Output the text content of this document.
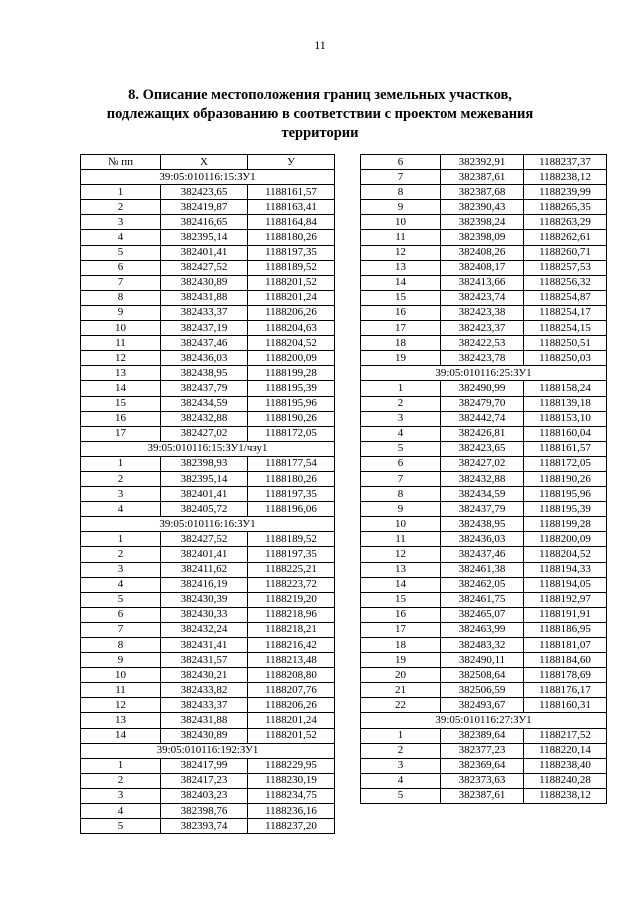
11
8. Описание местоположения границ земельных участков,
подлежащих образованию в соответствии с проектом межевания
территории
№ пп	X	У
39:05:010116:15:ЗУ1		
1	382423,65	1188161,57
2	382419,87	1188163,41
3	382416,65	1188164,84
4	382395,14	1188180,26
5	382401,41	1188197,35
6	382427,52	1188189,52
7	382430,89	1188201,52
8	382431,88	1188201,24
9	382433,37	1188206,26
10	382437,19	1188204,63
11	382437,46	1188204,52
12	382436,03	1188200,09
13	382438,95	1188199,28
14	382437,79	1188195,39
15	382434,59	1188195,96
16	382432,88	1188190,26
17	382427,02	1188172,05
39:05:010116:15:ЗУ1/чзу1		
1	382398,93	1188177,54
2	382395,14	1188180,26
3	382401,41	1188197,35
4	382405,72	1188196,06
39:05:010116:16:ЗУ1		
1	382427,52	1188189,52
2	382401,41	1188197,35
3	382411,62	1188225,21
4	382416,19	1188223,72
5	382430,39	1188219,20
6	382430,33	1188218,96
7	382432,24	1188218,21
8	382431,41	1188216,42
9	382431,57	1188213,48
10	382430,21	1188208,80
11	382433,82	1188207,76
12	382433,37	1188206,26
13	382431,88	1188201,24
14	382430,89	1188201,52
39:05:010116:192:ЗУ1		
1	382417,99	1188229,95
2	382417,23	1188230,19
3	382403,23	1188234,75
4	382398,76	1188236,16
5	382393,74	1188237,20
6	382392,91	1188237,37
7	382387,61	1188238,12
8	382387,68	1188239,99
9	382390,43	1188265,35
10	382398,24	1188263,29
11	382398,09	1188262,61
12	382408,26	1188260,71
13	382408,17	1188257,53
14	382413,66	1188256,32
15	382423,74	1188254,87
16	382423,38	1188254,17
17	382423,37	1188254,15
18	382422,53	1188250,51
19	382423,78	1188250,03
39:05:010116:25:ЗУ1		
1	382490,99	1188158,24
2	382479,70	1188139,18
3	382442,74	1188153,10
4	382426,81	1188160,04
5	382423,65	1188161,57
6	382427,02	1188172,05
7	382432,88	1188190,26
8	382434,59	1188195,96
9	382437,79	1188195,39
10	382438,95	1188199,28
11	382436,03	1188200,09
12	382437,46	1188204,52
13	382461,38	1188194,33
14	382462,05	1188194,05
15	382461,75	1188192,97
16	382465,07	1188191,91
17	382463,99	1188186,95
18	382483,32	1188181,07
19	382490,11	1188184,60
20	382508,64	1188178,69
21	382506,59	1188176,17
22	382493,67	1188160,31
39:05:010116:27:ЗУ1		
1	382389,64	1188217,52
2	382377,23	1188220,14
3	382369,64	1188238,40
4	382373,63	1188240,28
5	382387,61	1188238,12
